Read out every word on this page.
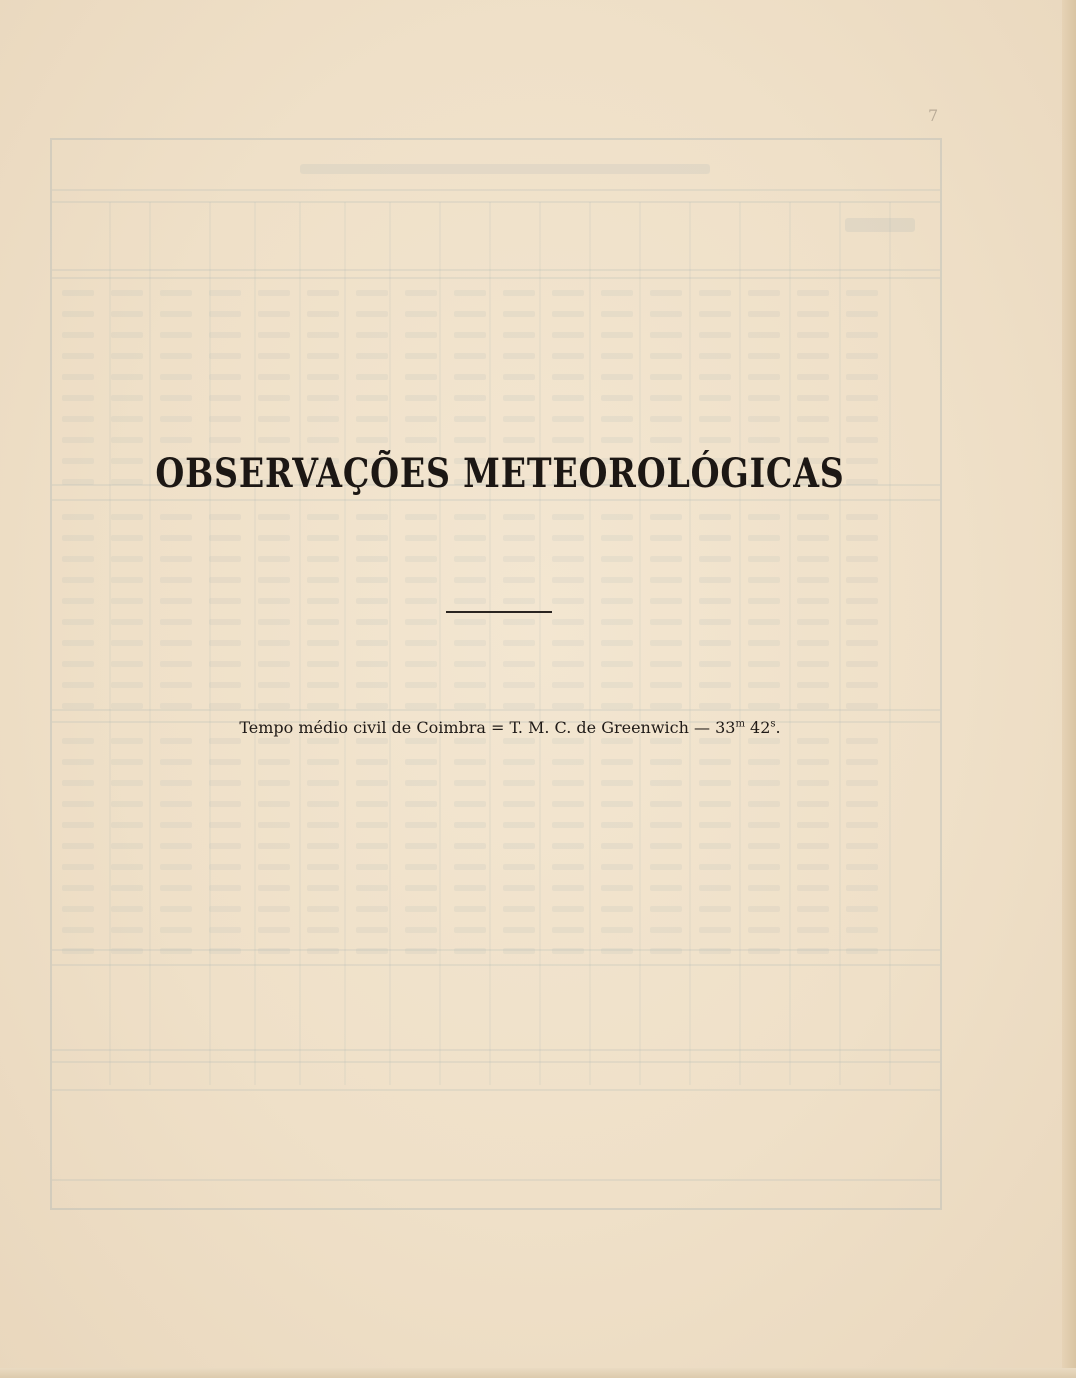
7
OBSERVAÇÕES METEOROLÓGICAS
Tempo médio civil de Coimbra = T. M. C. de Greenwich — 33$^m$ 42$^s$.
